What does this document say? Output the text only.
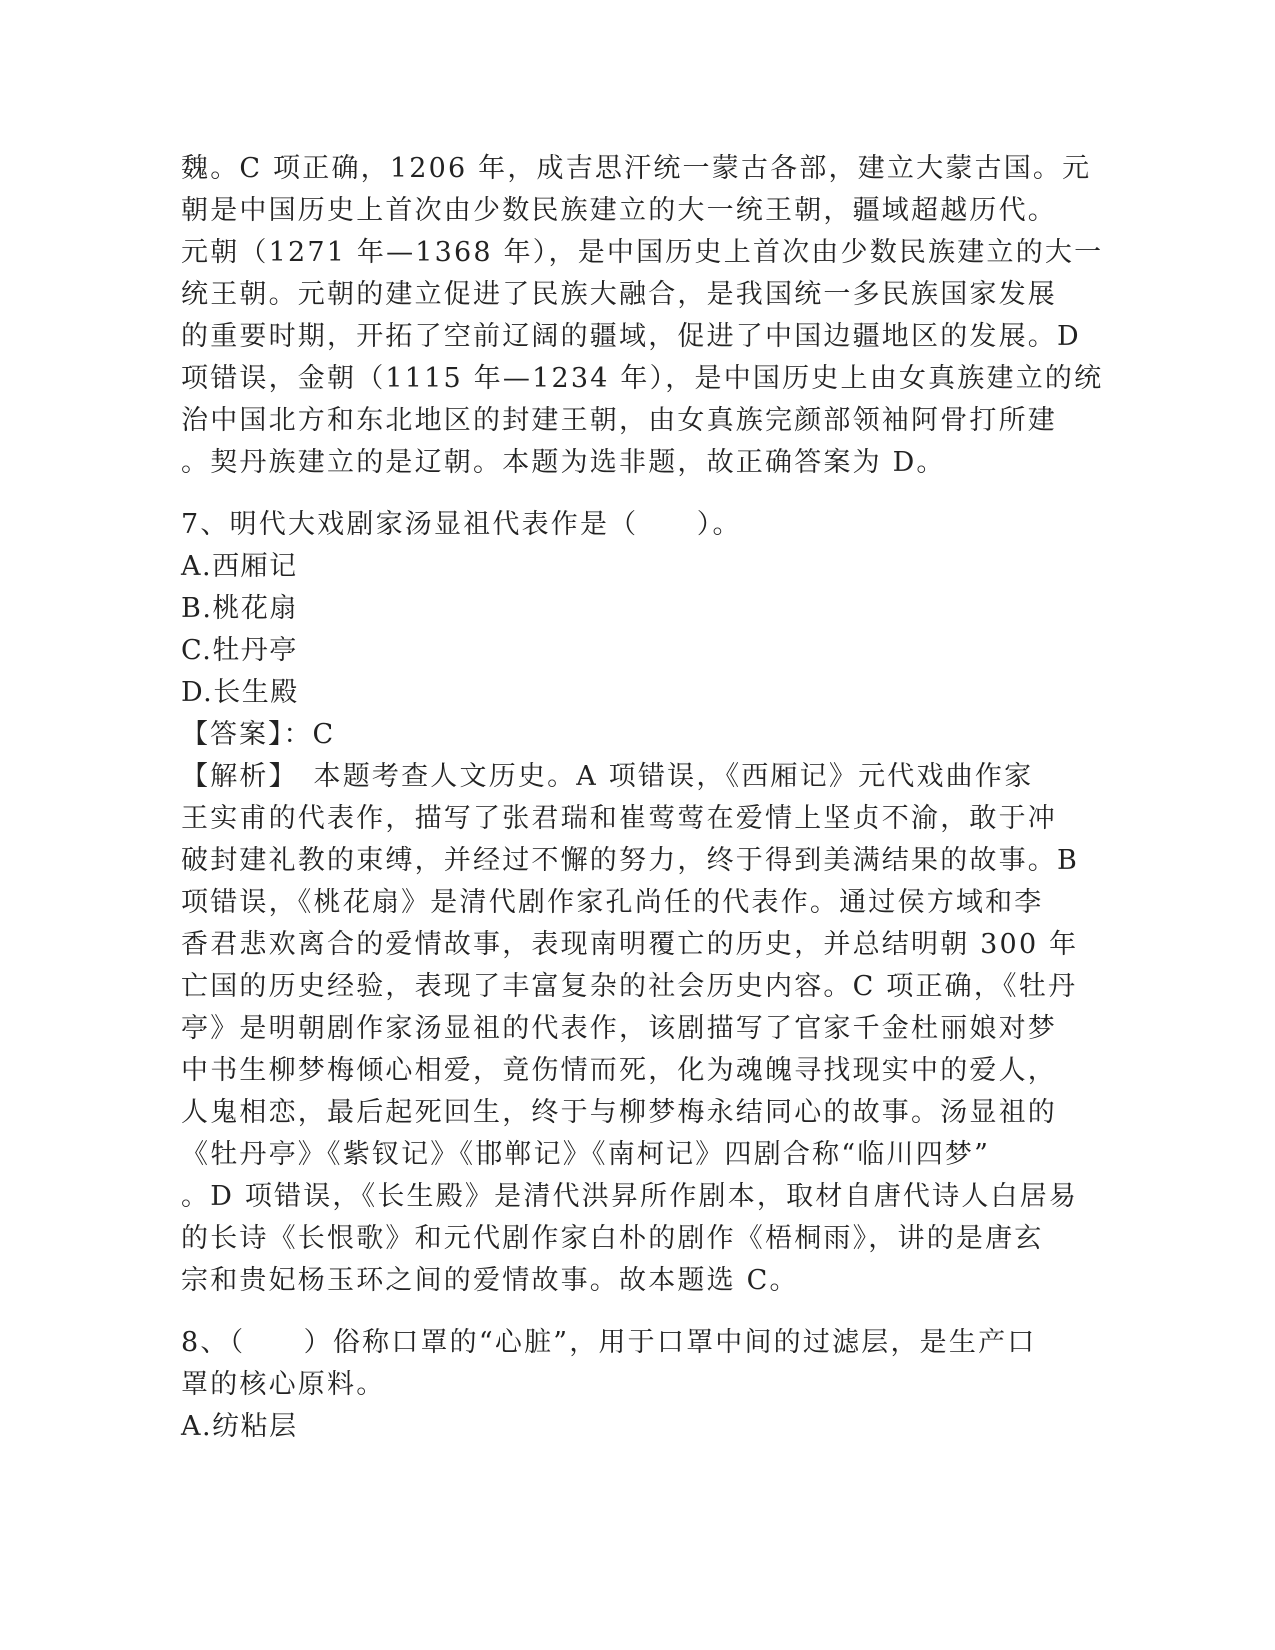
魏。C 项正确，1206 年，成吉思汗统一蒙古各部，建立大蒙古国。元
朝是中国历史上首次由少数民族建立的大一统王朝，疆域超越历代。
元朝（1271 年—1368 年），是中国历史上首次由少数民族建立的大一
统王朝。元朝的建立促进了民族大融合，是我国统一多民族国家发展
的重要时期，开拓了空前辽阔的疆域，促进了中国边疆地区的发展。D
项错误，金朝（1115 年—1234 年），是中国历史上由女真族建立的统
治中国北方和东北地区的封建王朝，由女真族完颜部领袖阿骨打所建
。契丹族建立的是辽朝。本题为选非题，故正确答案为 D。
7、明代大戏剧家汤显祖代表作是（　　）。
A.西厢记
B.桃花扇
C.牡丹亭
D.长生殿
【答案】：C
【解析】　本题考查人文历史。A 项错误，《西厢记》元代戏曲作家
王实甫的代表作，描写了张君瑞和崔莺莺在爱情上坚贞不渝，敢于冲
破封建礼教的束缚，并经过不懈的努力，终于得到美满结果的故事。B
项错误，《桃花扇》是清代剧作家孔尚任的代表作。通过侯方域和李
香君悲欢离合的爱情故事，表现南明覆亡的历史，并总结明朝 300 年
亡国的历史经验，表现了丰富复杂的社会历史内容。C 项正确，《牡丹
亭》是明朝剧作家汤显祖的代表作，该剧描写了官家千金杜丽娘对梦
中书生柳梦梅倾心相爱，竟伤情而死，化为魂魄寻找现实中的爱人，
人鬼相恋，最后起死回生，终于与柳梦梅永结同心的故事。汤显祖的
《牡丹亭》《紫钗记》《邯郸记》《南柯记》四剧合称“临川四梦”
。D 项错误，《长生殿》是清代洪昇所作剧本，取材自唐代诗人白居易
的长诗《长恨歌》和元代剧作家白朴的剧作《梧桐雨》，讲的是唐玄
宗和贵妃杨玉环之间的爱情故事。故本题选 C。
8、（　　）俗称口罩的“心脏”，用于口罩中间的过滤层，是生产口
罩的核心原料。
A.纺粘层
